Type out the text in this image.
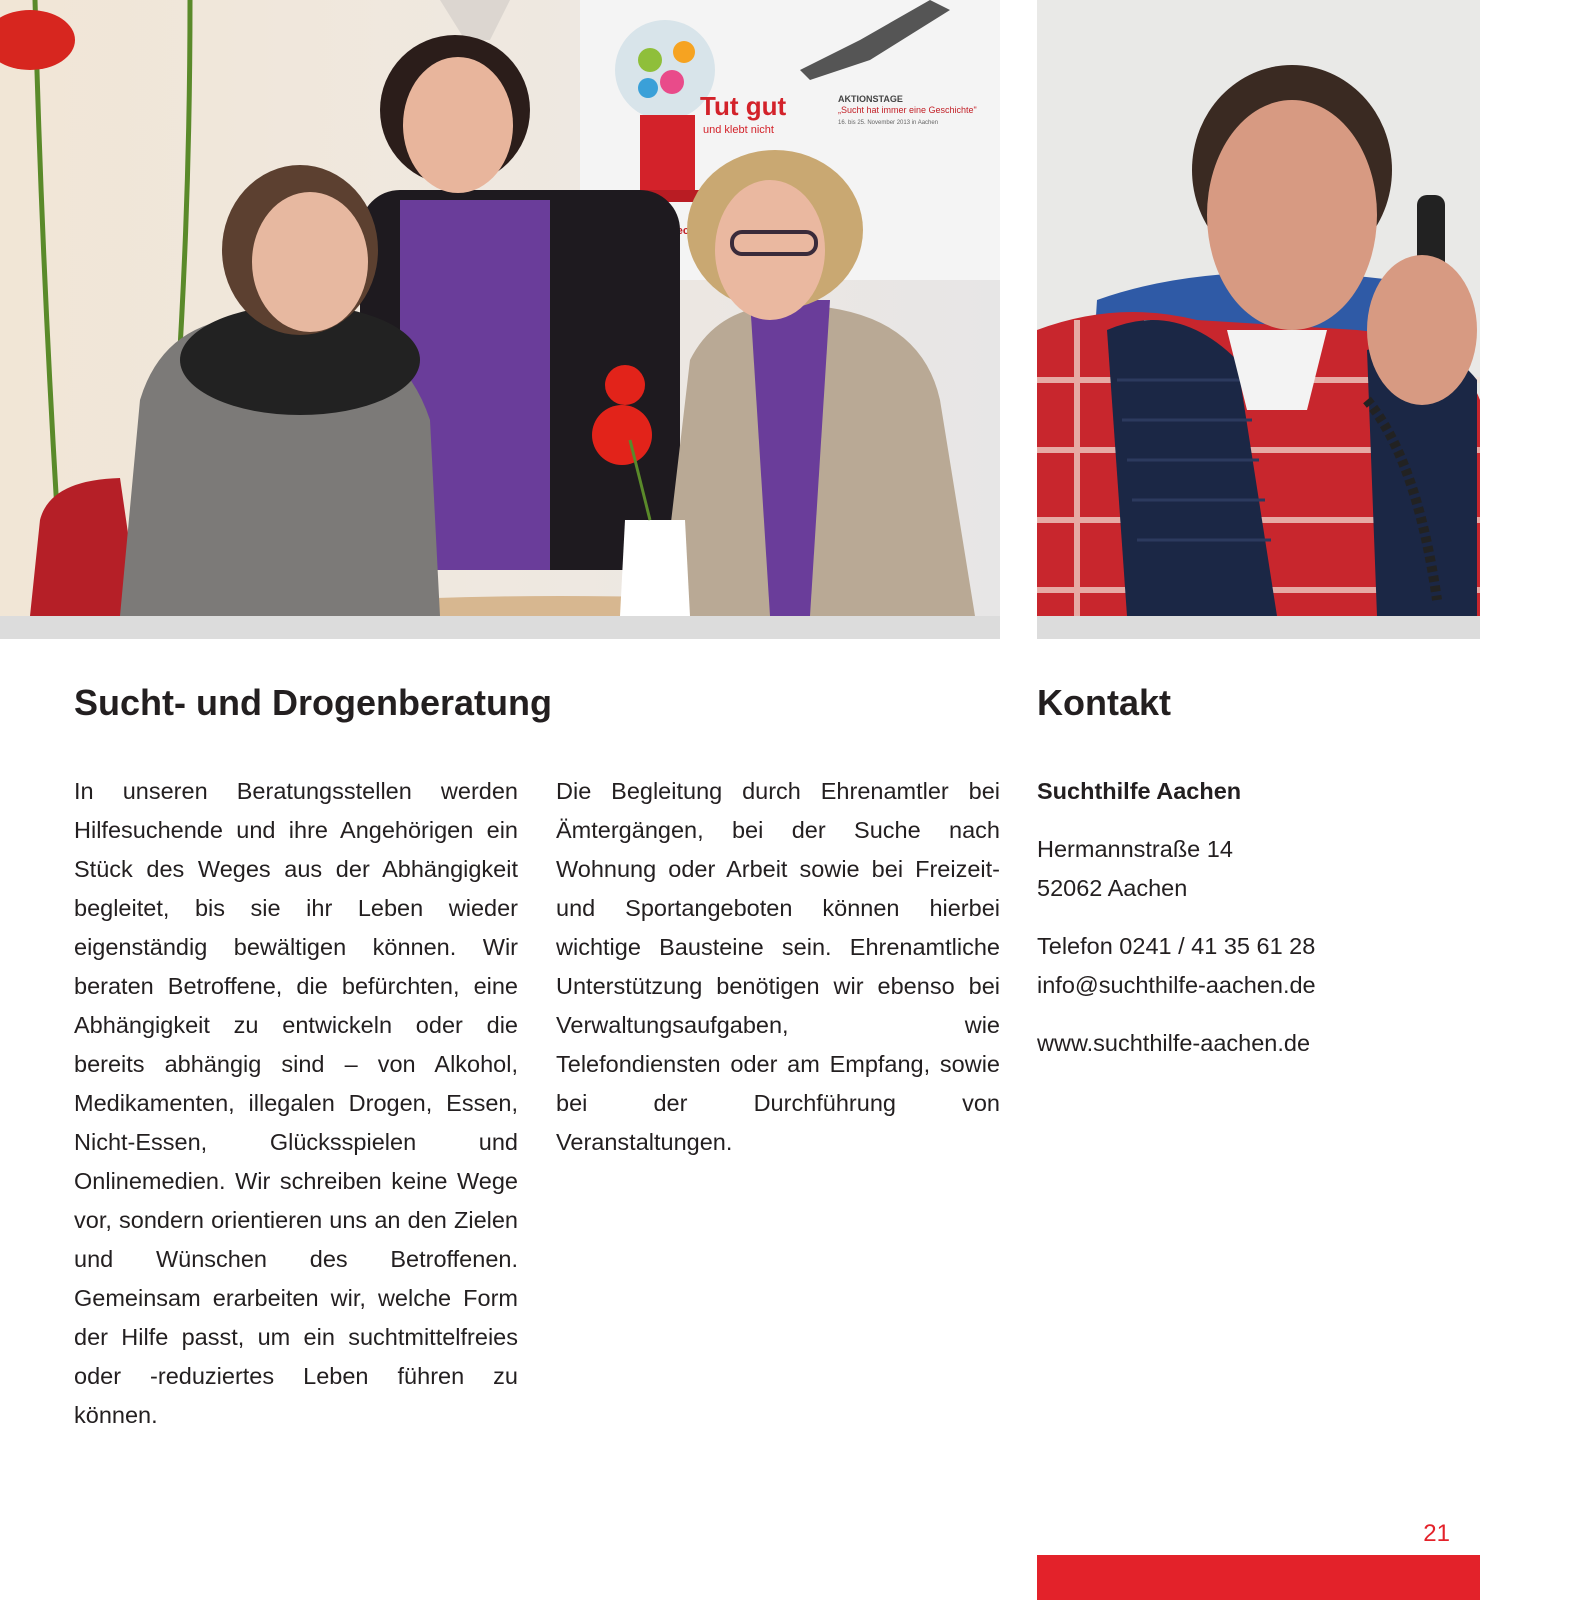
Tut gut
und klebt nicht
AKTIONSTAGE
„Sucht hat immer eine Geschichte"
16. bis 25. November 2013 in Aachen
Sucht- und Drogenberatung
In unseren Beratungsstellen werden Hilfesuchende und ihre Angehörigen ein Stück des Weges aus der Abhängigkeit begleitet, bis sie ihr Leben wieder eigenständig bewältigen können. Wir beraten Betroffene, die befürchten, eine Abhängigkeit zu entwickeln oder die bereits abhängig sind – von Alkohol, Medikamenten, illegalen Drogen, Essen, Nicht-Essen, Glücksspielen und Onlinemedien. Wir schreiben keine Wege vor, sondern orientieren uns an den Zielen und Wünschen des Betroffenen. Gemeinsam erarbeiten wir, welche Form der Hilfe passt, um ein suchtmittelfreies oder -reduziertes Leben führen zu können.
Die Begleitung durch Ehrenamtler bei Ämtergängen, bei der Suche nach Wohnung oder Arbeit sowie bei Freizeit- und Sportangeboten können hierbei wichtige Bausteine sein. Ehrenamtliche Unterstützung benötigen wir ebenso bei Verwaltungsaufgaben, wie Telefondiensten oder am Empfang, sowie bei der Durchführung von Veranstaltungen.
Kontakt
Suchthilfe Aachen
Hermannstraße 14
52062 Aachen
Telefon 0241 / 41 35 61 28
info@suchthilfe-aachen.de
www.suchthilfe-aachen.de
21
